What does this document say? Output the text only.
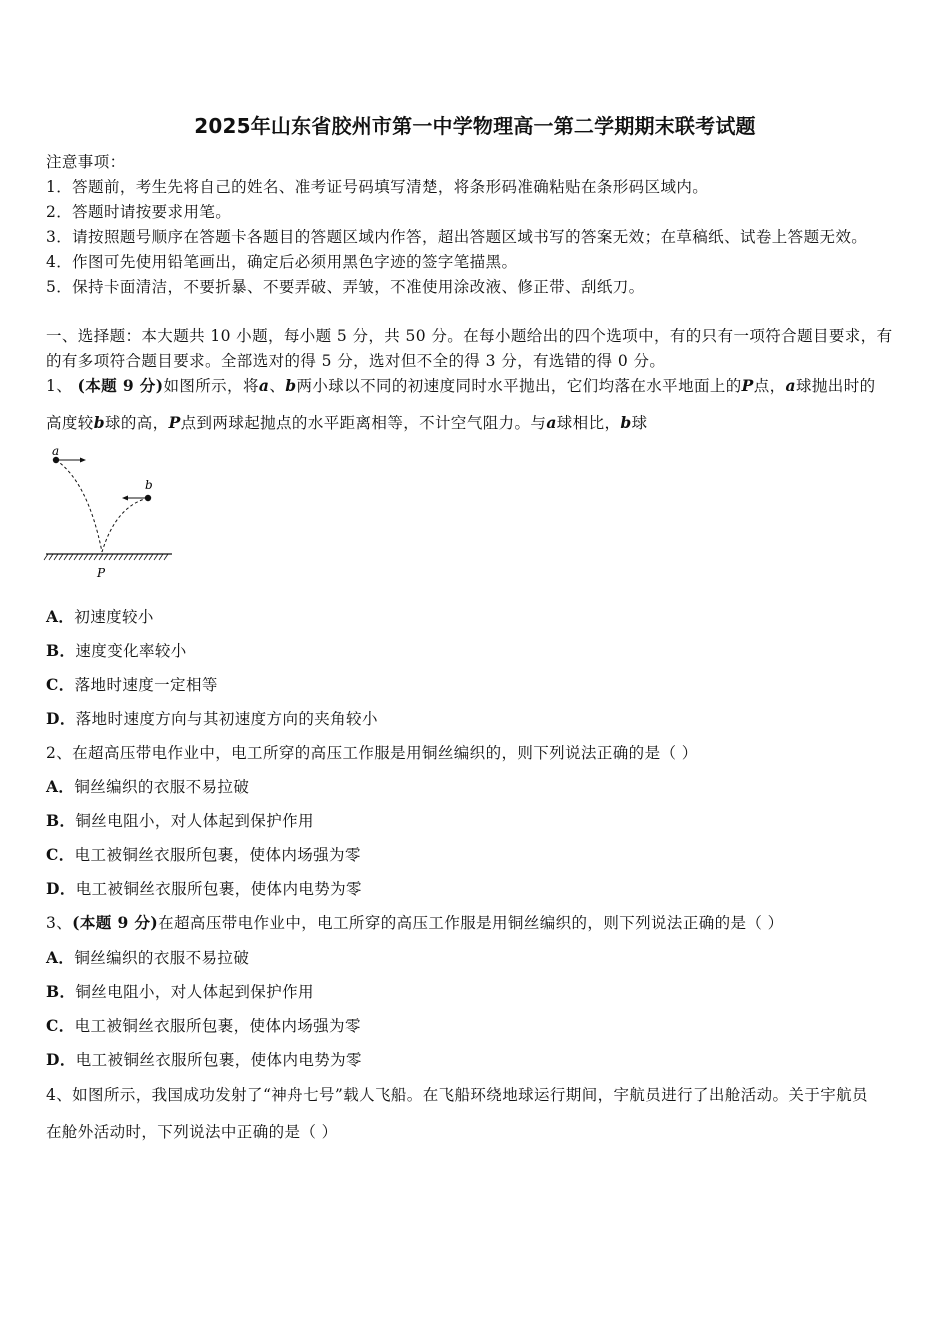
2025年山东省胶州市第一中学物理高一第二学期期末联考试题
注意事项：
1．答题前，考生先将自己的姓名、准考证号码填写清楚，将条形码准确粘贴在条形码区域内。
2．答题时请按要求用笔。
3．请按照题号顺序在答题卡各题目的答题区域内作答，超出答题区域书写的答案无效；在草稿纸、试卷上答题无效。
4．作图可先使用铅笔画出，确定后必须用黑色字迹的签字笔描黑。
5．保持卡面清洁，不要折暴、不要弄破、弄皱，不准使用涂改液、修正带、刮纸刀。
一、选择题：本大题共 10 小题，每小题 5 分，共 50 分。在每小题给出的四个选项中，有的只有一项符合题目要求，有
的有多项符合题目要求。全部选对的得 5 分，选对但不全的得 3 分，有选错的得 0 分。
1、 (本题 9 分)如图所示，将a、b两小球以不同的初速度同时水平抛出，它们均落在水平地面上的P点，a球抛出时的
高度较b球的高，P点到两球起抛点的水平距离相等，不计空气阻力。与a球相比，b球
a
b
P
A．初速度较小
B．速度变化率较小
C．落地时速度一定相等
D．落地时速度方向与其初速度方向的夹角较小
2、在超高压带电作业中，电工所穿的高压工作服是用铜丝编织的，则下列说法正确的是（ ）
A．铜丝编织的衣服不易拉破
B．铜丝电阻小，对人体起到保护作用
C．电工被铜丝衣服所包裹，使体内场强为零
D．电工被铜丝衣服所包裹，使体内电势为零
3、(本题 9 分)在超高压带电作业中，电工所穿的高压工作服是用铜丝编织的，则下列说法正确的是（ ）
A．铜丝编织的衣服不易拉破
B．铜丝电阻小，对人体起到保护作用
C．电工被铜丝衣服所包裹，使体内场强为零
D．电工被铜丝衣服所包裹，使体内电势为零
4、如图所示，我国成功发射了“神舟七号”载人飞船。在飞船环绕地球运行期间，宇航员进行了出舱活动。关于宇航员
在舱外活动时，下列说法中正确的是（ ）
